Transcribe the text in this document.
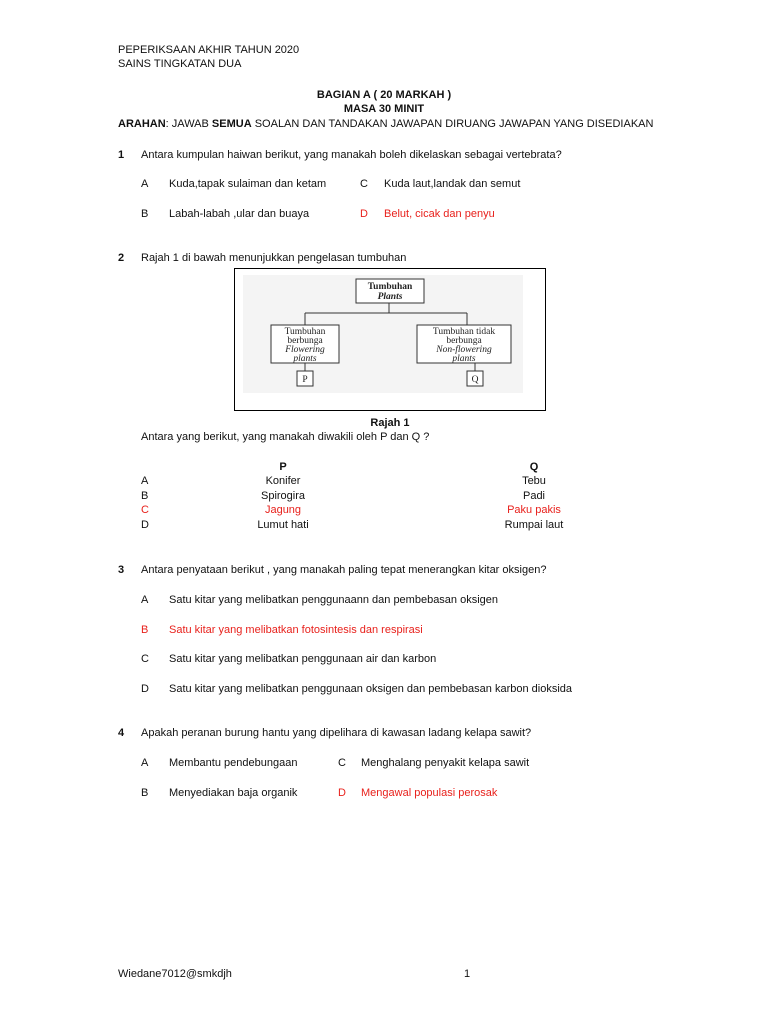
PEPERIKSAAN AKHIR TAHUN 2020
SAINS TINGKATAN DUA
BAGIAN A ( 20 MARKAH )
MASA 30 MINIT
ARAHAN: JAWAB SEMUA SOALAN DAN TANDAKAN JAWAPAN DIRUANG JAWAPAN YANG DISEDIAKAN
1 Antara kumpulan haiwan berikut, yang manakah boleh dikelaskan sebagai vertebrata?
A Kuda,tapak sulaiman dan ketam	C Kuda laut,landak dan semut
B Labah-labah ,ular dan buaya	D Belut, cicak dan penyu
2 Rajah 1 di bawah menunjukkan pengelasan tumbuhan
Tumbuhan
Plants
Tumbuhan
berbunga
Flowering
plants
Tumbuhan tidak
berbunga
Non-flowering
plants
P	Q
Rajah 1
Antara yang berikut, yang manakah diwakili oleh P dan Q ?
P	Q
A	Konifer	Tebu
B	Spirogira	Padi
C	Jagung	Paku pakis
D	Lumut hati	Rumpai laut
3 Antara penyataan berikut , yang manakah paling tepat menerangkan kitar oksigen?
A Satu kitar yang melibatkan penggunaann dan pembebasan oksigen
B Satu kitar yang melibatkan fotosintesis dan respirasi
C Satu kitar yang melibatkan penggunaan air dan karbon
D Satu kitar yang melibatkan penggunaan oksigen dan pembebasan karbon dioksida
4 Apakah peranan burung hantu yang dipelihara di kawasan ladang kelapa sawit?
A Membantu pendebungaan	C Menghalang penyakit kelapa sawit
B Menyediakan baja organik	D Mengawal populasi perosak
Wiedane7012@smkdjh	1
